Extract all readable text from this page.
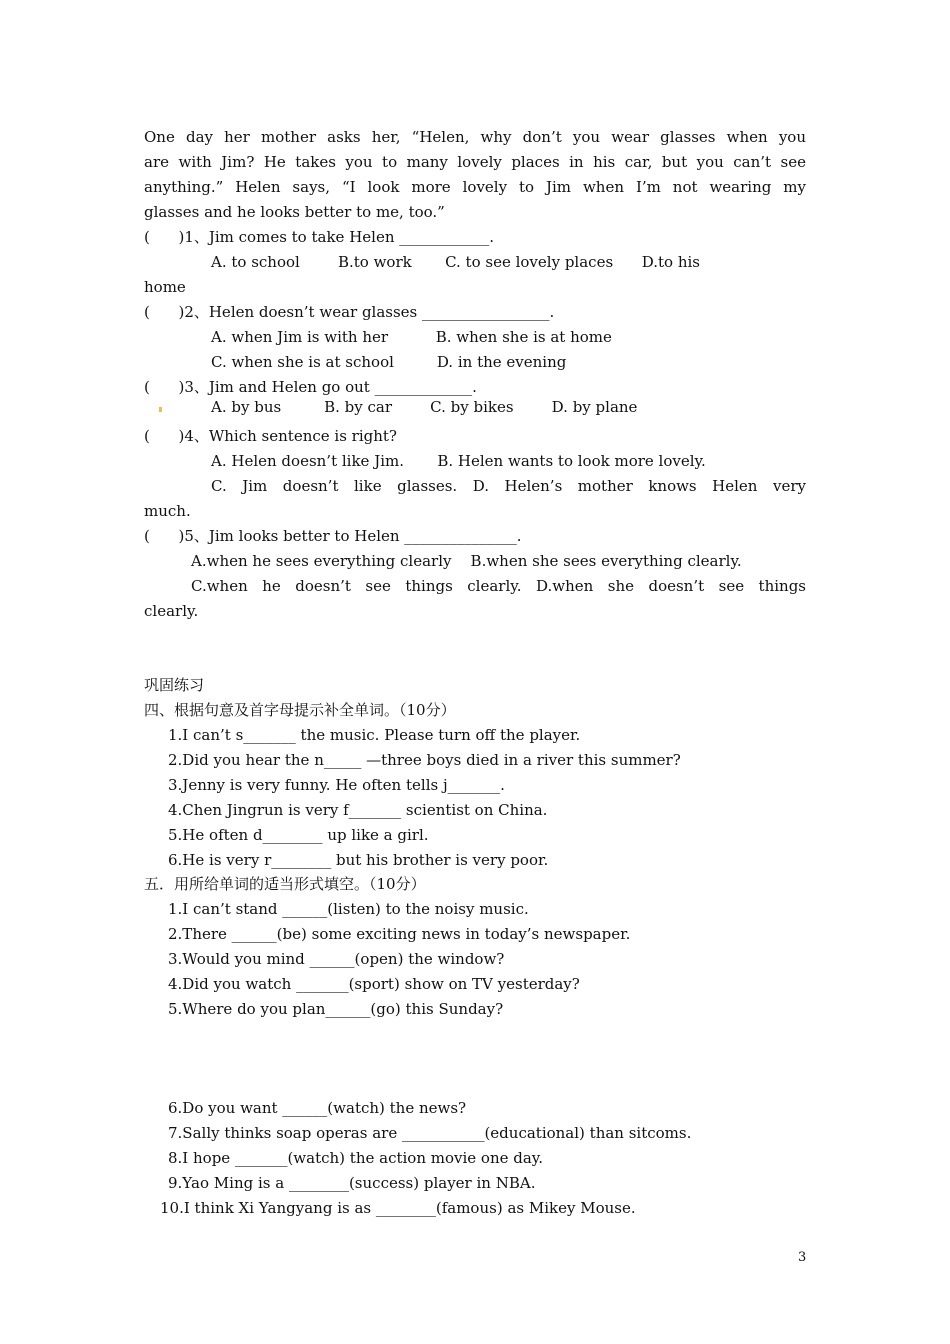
One day her mother asks her, “Helen, why don’t you wear glasses when you
are with Jim? He takes you to many lovely places in his car, but you can’t see
anything.” Helen says, “I look more lovely to Jim when I’m not wearing my
glasses and he looks better to me, too.”
(      )1、Jim comes to take Helen ____________.
A. to school        B.to work       C. to see lovely places      D.to his
home
(      )2、Helen doesn’t wear glasses _________________.
A. when Jim is with her          B. when she is at home
C. when she is at school         D. in the evening
(      )3、Jim and Helen go out _____________.
A. by bus         B. by car        C. by bikes        D. by plane
(      )4、Which sentence is right?
A. Helen doesn’t like Jim.       B. Helen wants to look more lovely.
C. Jim doesn’t like glasses. D. Helen’s mother knows Helen very
much.
(      )5、Jim looks better to Helen _______________.
A.when he sees everything clearly    B.when she sees everything clearly.
C.when he doesn’t see things clearly. D.when she doesn’t see things
clearly.
巩固练习
四、根据句意及首字母提示补全单词。（10分）
1.I can’t s_______ the music. Please turn off the player.
2.Did you hear the n_____ —three boys died in a river this summer?
3.Jenny is very funny. He often tells j_______.
4.Chen Jingrun is very f_______ scientist on China.
5.He often d________ up like a girl.
6.He is very r________ but his brother is very poor.
五．用所给单词的适当形式填空。（10分）
1.I can’t stand ______(listen) to the noisy music.
2.There ______(be) some exciting news in today’s newspaper.
3.Would you mind ______(open) the window?
4.Did you watch _______(sport) show on TV yesterday?
5.Where do you plan______(go) this Sunday?
6.Do you want ______(watch) the news?
7.Sally thinks soap operas are ___________(educational) than sitcoms.
8.I hope _______(watch) the action movie one day.
9.Yao Ming is a ________(success) player in NBA.
10.I think Xi Yangyang is as ________(famous) as Mikey Mouse.
3
